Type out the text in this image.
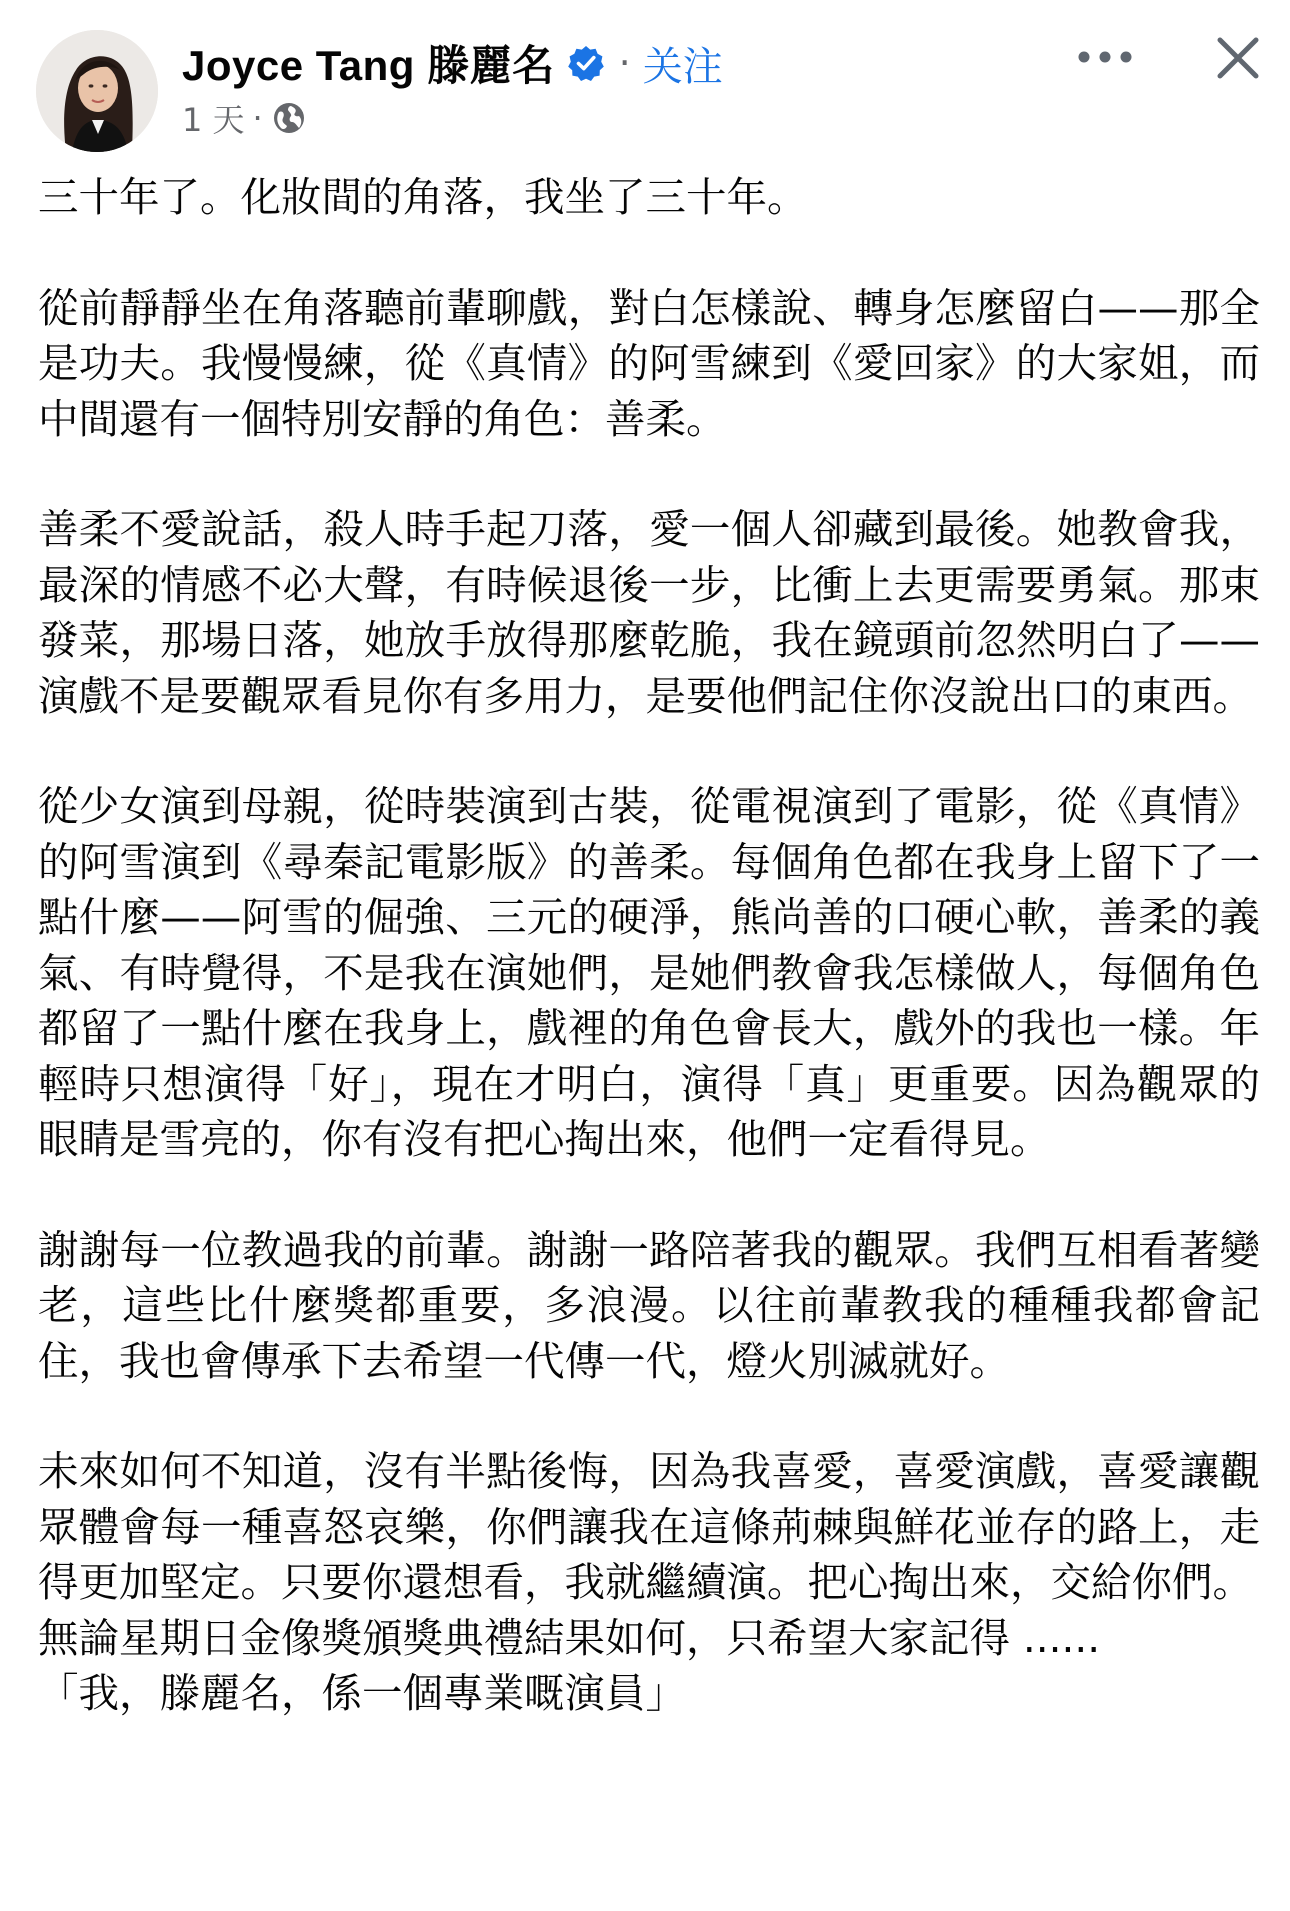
Joyce Tang 滕麗名 · 关注
1 天 ·

三十年了。化妝間的角落，我坐了三十年。

從前靜靜坐在角落聽前輩聊戲，對白怎樣說、轉身怎麼留白——那全是功夫。我慢慢練，從《真情》的阿雪練到《愛回家》的大家姐，而中間還有一個特別安靜的角色：善柔。

善柔不愛說話，殺人時手起刀落，愛一個人卻藏到最後。她教會我，最深的情感不必大聲，有時候退後一步，比衝上去更需要勇氣。那束發菜，那場日落，她放手放得那麼乾脆，我在鏡頭前忽然明白了——演戲不是要觀眾看見你有多用力，是要他們記住你沒說出口的東西。

從少女演到母親，從時裝演到古裝，從電視演到了電影，從《真情》的阿雪演到《尋秦記電影版》的善柔。每個角色都在我身上留下了一點什麼——阿雪的倔強、三元的硬淨，熊尚善的口硬心軟，善柔的義氣、有時覺得，不是我在演她們，是她們教會我怎樣做人，每個角色都留了一點什麼在我身上，戲裡的角色會長大，戲外的我也一樣。年輕時只想演得「好」，現在才明白，演得「真」更重要。因為觀眾的眼睛是雪亮的，你有沒有把心掏出來，他們一定看得見。

謝謝每一位教過我的前輩。謝謝一路陪著我的觀眾。我們互相看著變老，這些比什麼獎都重要，多浪漫。以往前輩教我的種種我都會記住，我也會傳承下去希望一代傳一代，燈火別滅就好。

未來如何不知道，沒有半點後悔，因為我喜愛，喜愛演戲，喜愛讓觀眾體會每一種喜怒哀樂，你們讓我在這條荊棘與鮮花並存的路上，走得更加堅定。只要你還想看，我就繼續演。把心掏出來，交給你們。

無論星期日金像獎頒獎典禮結果如何，只希望大家記得 ......
「我，滕麗名，係一個專業嘅演員」
